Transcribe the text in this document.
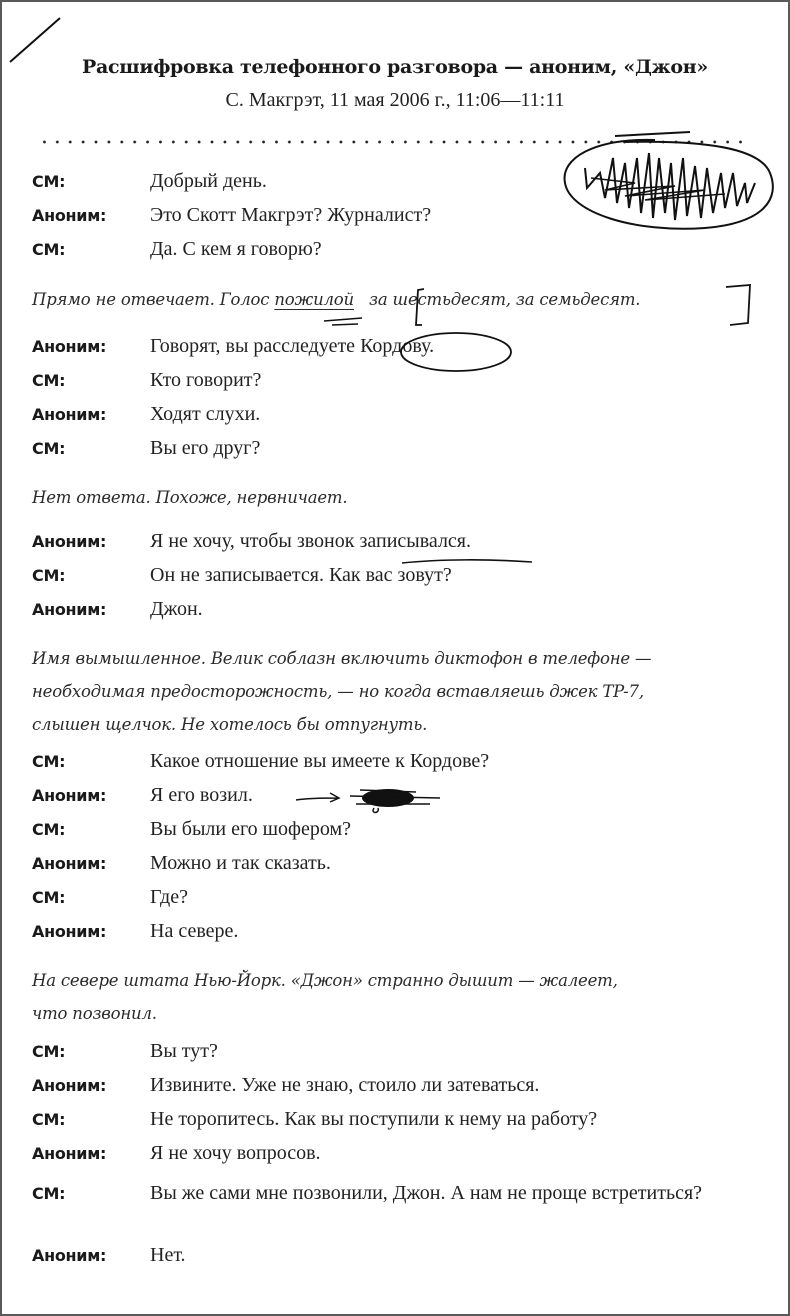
Расшифровка телефонного разговора — аноним, «Джон»
С. Макгрэт, 11 мая 2006 г., 11:06—11:11
СМ:	Добрый день.
Аноним:	Это Скотт Макгрэт? Журналист?
СМ:	Да. С кем я говорю?
Прямо не отвечает. Голос пожилой за шестьдесят, за семьдесят.
Аноним:	Говорят, вы расследуете Кордову.
СМ:	Кто говорит?
Аноним:	Ходят слухи.
СМ:	Вы его друг?
Нет ответа. Похоже, нервничает.
Аноним:	Я не хочу, чтобы звонок записывался.
СМ:	Он не записывается. Как вас зовут?
Аноним:	Джон.
Имя вымышленное. Велик соблазн включить диктофон в телефоне —
необходимая предосторожность, — но когда вставляешь джек TP-7,
слышен щелчок. Не хотелось бы отпугнуть.
СМ:	Какое отношение вы имеете к Кордове?
Аноним:	Я его возил.
СМ:	Вы были его шофером?
Аноним:	Можно и так сказать.
СМ:	Где?
Аноним:	На севере.
На севере штата Нью-Йорк. «Джон» странно дышит — жалеет,
что позвонил.
СМ:	Вы тут?
Аноним:	Извините. Уже не знаю, стоило ли затеваться.
СМ:	Не торопитесь. Как вы поступили к нему на работу?
Аноним:	Я не хочу вопросов.
СМ:	Вы же сами мне позвонили, Джон. А нам не проще встретиться?
Аноним:	Нет.
